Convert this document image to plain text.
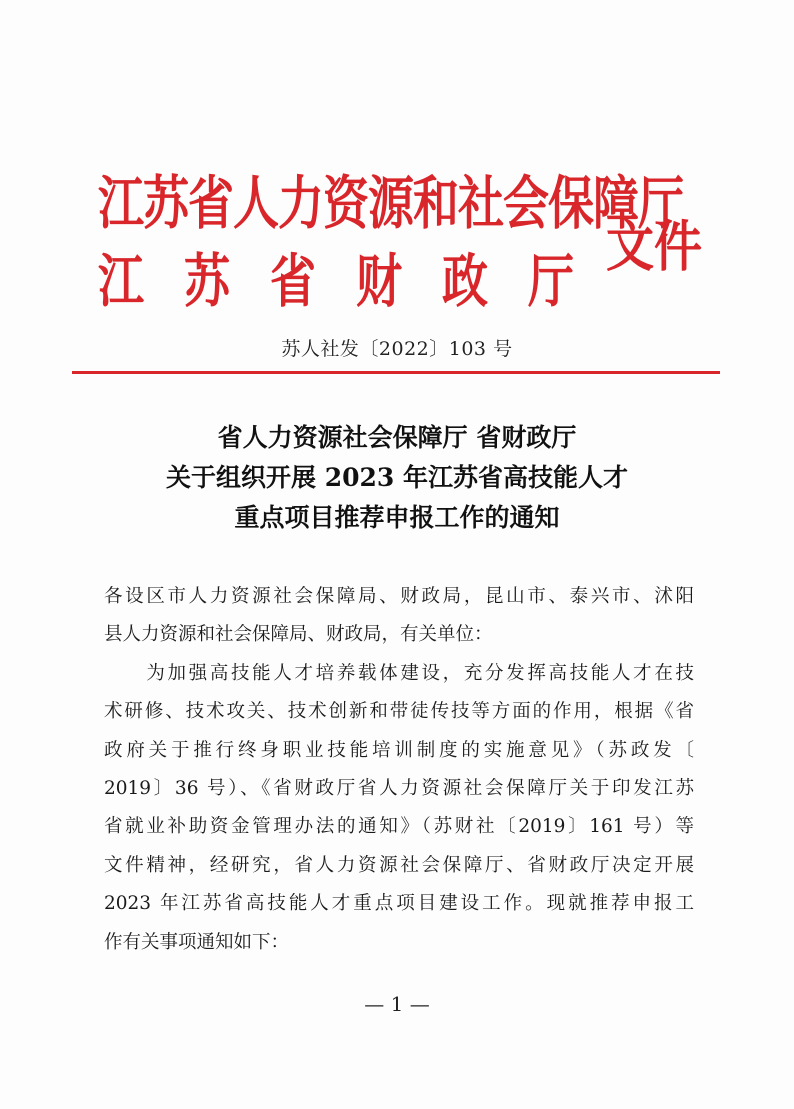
江苏省人力资源和社会保障厅
江苏省财政厅
文件
苏人社发〔2022〕103 号
省人力资源社会保障厅 省财政厅
关于组织开展 2023 年江苏省高技能人才
重点项目推荐申报工作的通知
各设区市人力资源社会保障局、财政局，昆山市、泰兴市、沭阳
县人力资源和社会保障局、财政局，有关单位：
　　为加强高技能人才培养载体建设，充分发挥高技能人才在技
术研修、技术攻关、技术创新和带徒传技等方面的作用，根据《省
政府关于推行终身职业技能培训制度的实施意见》（苏政发〔
2019〕36 号）、《省财政厅省人力资源社会保障厅关于印发江苏
省就业补助资金管理办法的通知》（苏财社〔2019〕161 号）等
文件精神，经研究，省人力资源社会保障厅、省财政厅决定开展
2023 年江苏省高技能人才重点项目建设工作。现就推荐申报工
作有关事项通知如下：
— 1 —
